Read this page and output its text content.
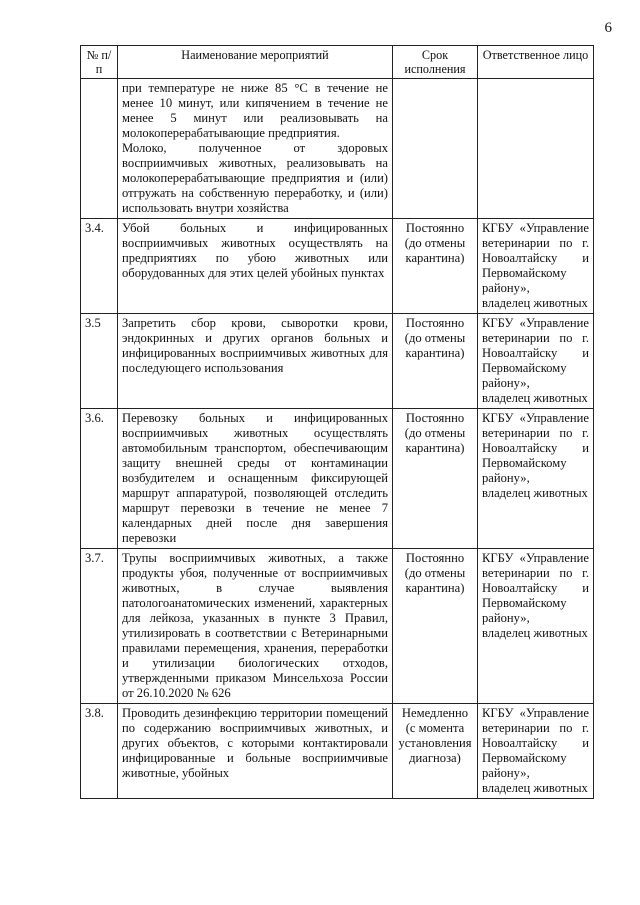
6
№ п/п	Наименование мероприятий	Срок исполнения	Ответственное лицо

	при температуре не ниже 85 °С в течение не менее 10 минут, или кипячением в течение не менее 5 минут или реализовывать на молокоперерабатывающие предприятия.

Молоко, полученное от здоровых восприимчивых животных, реализовывать на молокоперерабатывающие предприятия и (или) отгружать на собственную переработку, и (или) использовать внутри хозяйства		

3.4.	Убой больных и инфицированных восприимчивых животных осуществлять на предприятиях по убою животных или оборудованных для этих целей убойных пунктах	Постоянно (до отмены карантина)	КГБУ «Управление ветеринарии по г. Новоалтайску и Первомайскому району»,
владелец животных

3.5	Запретить сбор крови, сыворотки крови, эндокринных и других органов больных и инфицированных восприимчивых животных для последующего использования	Постоянно (до отмены карантина)	КГБУ «Управление ветеринарии по г. Новоалтайску и Первомайскому району»,
владелец животных

3.6.	Перевозку больных и инфицированных восприимчивых животных осуществлять автомобильным транспортом, обеспечивающим защиту внешней среды от контаминации возбудителем и оснащенным фиксирующей маршрут аппаратурой, позволяющей отследить маршрут перевозки в течение не менее 7 календарных дней после дня завершения перевозки	Постоянно (до отмены карантина)	КГБУ «Управление ветеринарии по г. Новоалтайску и Первомайскому району»,
владелец животных

3.7.	Трупы восприимчивых животных, а также продукты убоя, полученные от восприимчивых животных, в случае выявления патологоанатомических изменений, характерных для лейкоза, указанных в пункте 3 Правил, утилизировать в соответствии с Ветеринарными правилами перемещения, хранения, переработки и утилизации биологических отходов, утвержденными приказом Минсельхоза России от 26.10.2020 № 626	Постоянно (до отмены карантина)	КГБУ «Управление ветеринарии по г. Новоалтайску и Первомайскому району»,
владелец животных

3.8.	Проводить дезинфекцию территории помещений по содержанию восприимчивых животных, и других объектов, с которыми контактировали инфицированные и больные восприимчивые животные, убойных	Немедленно (с момента установления диагноза)	КГБУ «Управление ветеринарии по г. Новоалтайску и Первомайскому району»,
владелец животных
